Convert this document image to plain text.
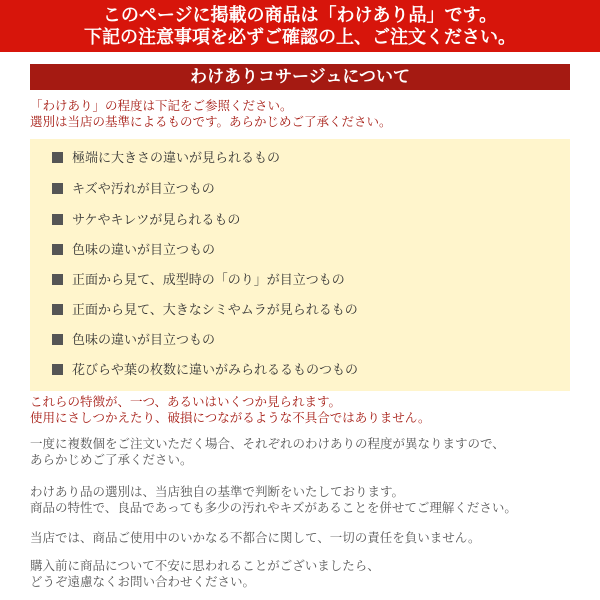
このページに掲載の商品は「わけあり品」です。
下記の注意事項を必ずご確認の上、ご注文ください。
わけありコサージュについて
「わけあり」の程度は下記をご参照ください。
選別は当店の基準によるものです。あらかじめご了承ください。
極端に大きさの違いが見られるもの
キズや汚れが目立つもの
サケやキレツが見られるもの
色味の違いが目立つもの
正面から見て、成型時の「のり」が目立つもの
正面から見て、大きなシミやムラが見られるもの
色味の違いが目立つもの
花びらや葉の枚数に違いがみられるるものつもの
これらの特徴が、一つ、あるいはいくつか見られます。
使用にさしつかえたり、破損につながるような不具合ではありません。
一度に複数個をご注文いただく場合、それぞれのわけありの程度が異なりますので、
あらかじめご了承ください。
わけあり品の選別は、当店独自の基準で判断をいたしております。
商品の特性で、良品であっても多少の汚れやキズがあることを併せてご理解ください。
当店では、商品ご使用中のいかなる不都合に関して、一切の責任を負いません。
購入前に商品について不安に思われることがございましたら、
どうぞ遠慮なくお問い合わせください。
